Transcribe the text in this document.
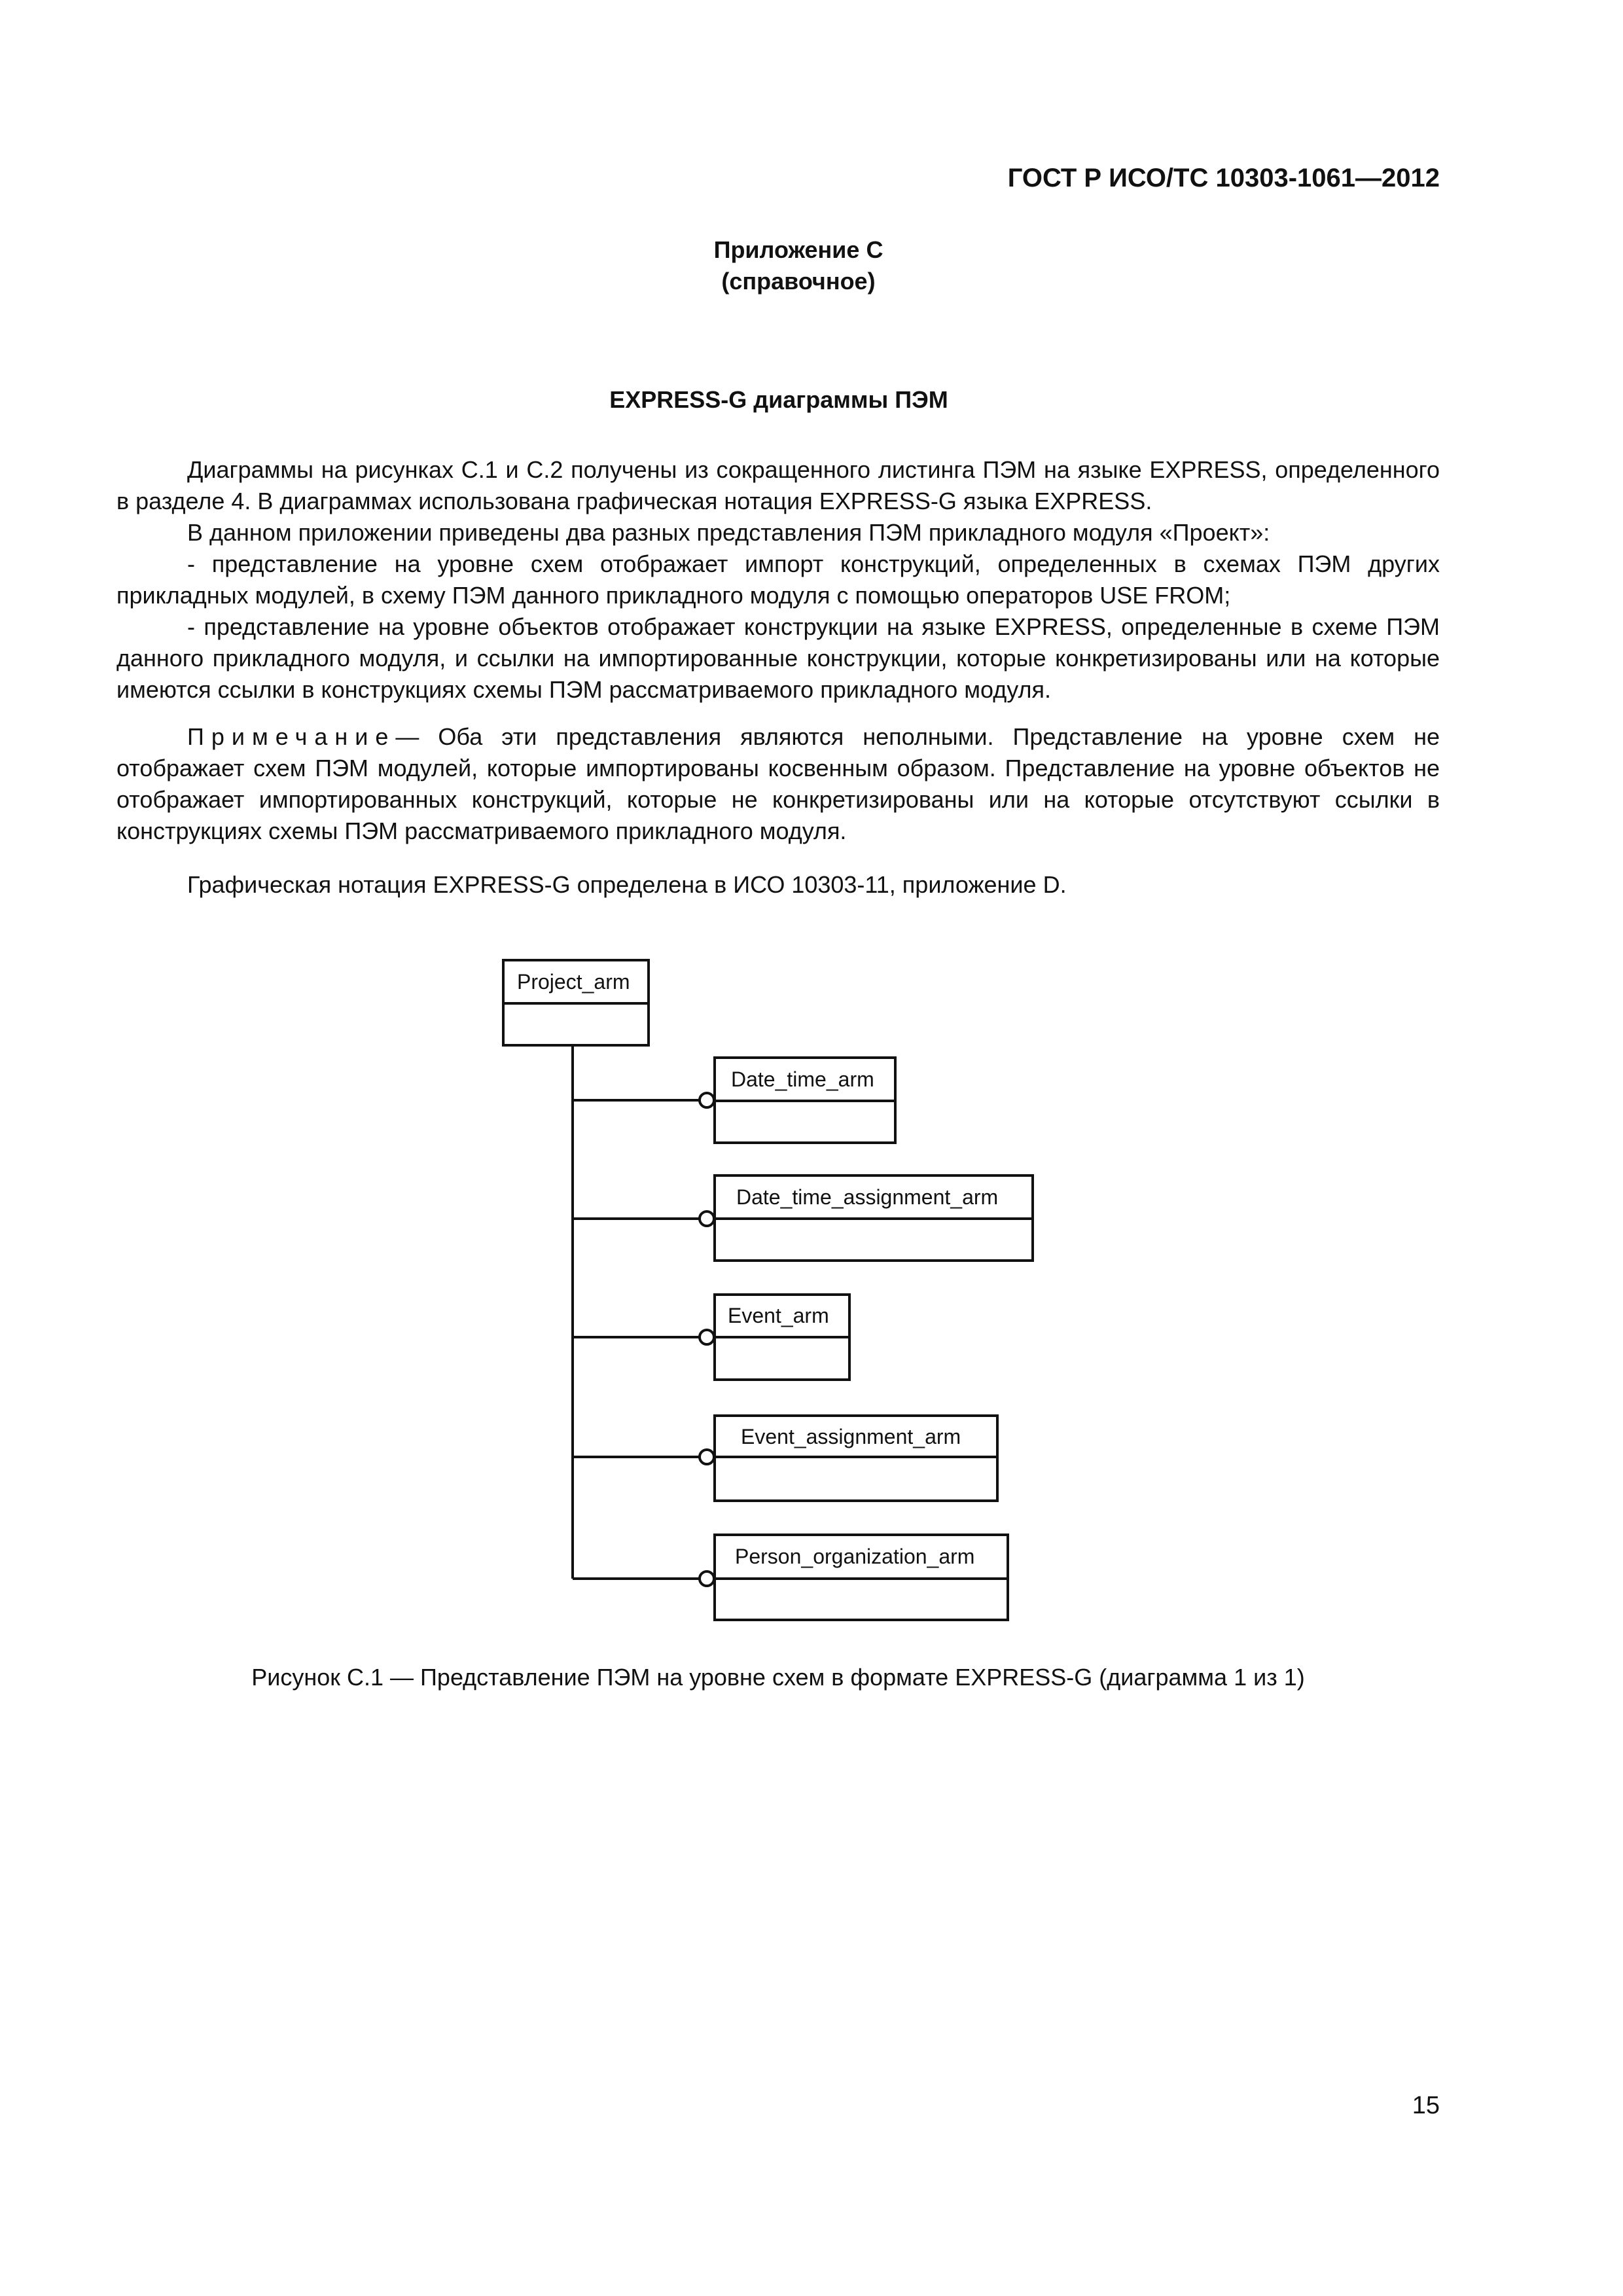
ГОСТ Р ИСО/ТС 10303-1061—2012
Приложение С
(справочное)
EXPRESS-G диаграммы ПЭМ

Диаграммы на рисунках С.1 и С.2 получены из сокращенного листинга ПЭМ на языке EXPRESS, определенного в разделе 4. В диаграммах использована графическая нотация EXPRESS-G языка EXPRESS.

В данном приложении приведены два разных представления ПЭМ прикладного модуля «Проект»:

- представление на уровне схем отображает импорт конструкций, определенных в схемах ПЭМ других прикладных модулей, в схему ПЭМ данного прикладного модуля с помощью операторов USE FROM;

- представление на уровне объектов отображает конструкции на языке EXPRESS, определенные в схеме ПЭМ данного прикладного модуля, и ссылки на импортированные конструкции, которые конкретизированы или на которые имеются ссылки в конструкциях схемы ПЭМ рассматриваемого прикладного модуля.

Примечание— Оба эти представления являются неполными. Представление на уровне схем не отображает схем ПЭМ модулей, которые импортированы косвенным образом. Представление на уровне объектов не отображает импортированных конструкций, которые не конкретизированы или на которые отсутствуют ссылки в конструкциях схемы ПЭМ рассматриваемого прикладного модуля.

Графическая нотация EXPRESS-G определена в ИСО 10303-11, приложение D.

Project_arm
Date_time_arm
Date_time_assignment_arm
Event_arm
Event_assignment_arm
Person_organization_arm
Рисунок С.1 — Представление ПЭМ на уровне схем в формате EXPRESS-G (диаграмма 1 из 1)
15
